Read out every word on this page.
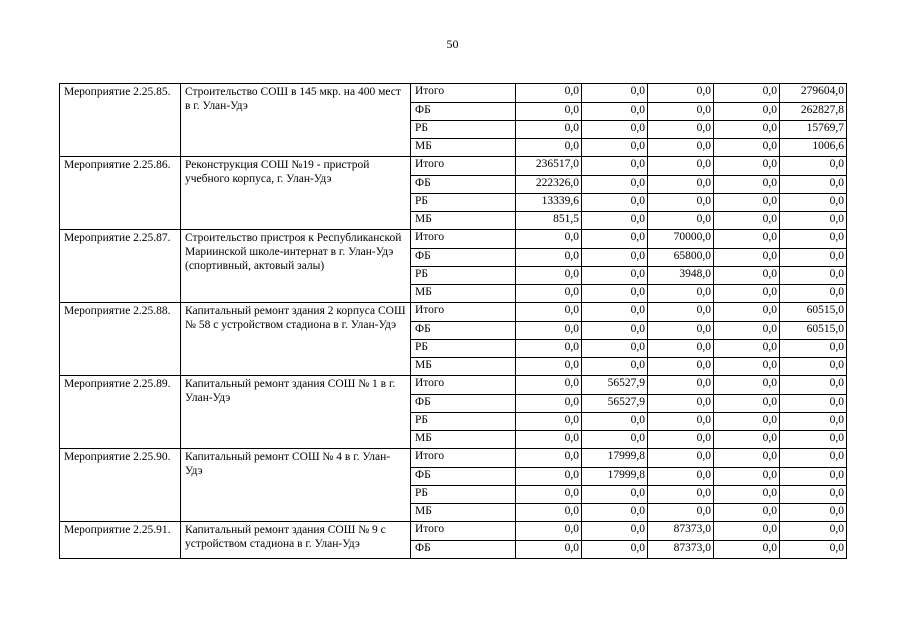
50
Мероприятие 2.25.85.	Строительство СОШ в 145 мкр. на 400 мест в г. Улан-Удэ	Итого	0,0	0,0	0,0	0,0	279604,0
		ФБ	0,0	0,0	0,0	0,0	262827,8
		РБ	0,0	0,0	0,0	0,0	15769,7
		МБ	0,0	0,0	0,0	0,0	1006,6
Мероприятие 2.25.86.	Реконструкция СОШ №19 - пристрой учебного корпуса, г. Улан-Удэ	Итого	236517,0	0,0	0,0	0,0	0,0
		ФБ	222326,0	0,0	0,0	0,0	0,0
		РБ	13339,6	0,0	0,0	0,0	0,0
		МБ	851,5	0,0	0,0	0,0	0,0
Мероприятие 2.25.87.	Строительство пристроя к Республиканской Мариинской школе-интернат в г. Улан-Удэ (спортивный, актовый залы)	Итого	0,0	0,0	70000,0	0,0	0,0
		ФБ	0,0	0,0	65800,0	0,0	0,0
		РБ	0,0	0,0	3948,0	0,0	0,0
		МБ	0,0	0,0	0,0	0,0	0,0
Мероприятие 2.25.88.	Капитальный ремонт здания 2 корпуса СОШ № 58 с устройством стадиона в г. Улан-Удэ	Итого	0,0	0,0	0,0	0,0	60515,0
		ФБ	0,0	0,0	0,0	0,0	60515,0
		РБ	0,0	0,0	0,0	0,0	0,0
		МБ	0,0	0,0	0,0	0,0	0,0
Мероприятие 2.25.89.	Капитальный ремонт здания СОШ № 1 в г. Улан-Удэ	Итого	0,0	56527,9	0,0	0,0	0,0
		ФБ	0,0	56527,9	0,0	0,0	0,0
		РБ	0,0	0,0	0,0	0,0	0,0
		МБ	0,0	0,0	0,0	0,0	0,0
Мероприятие 2.25.90.	Капитальный ремонт СОШ № 4 в г. Улан-Удэ	Итого	0,0	17999,8	0,0	0,0	0,0
		ФБ	0,0	17999,8	0,0	0,0	0,0
		РБ	0,0	0,0	0,0	0,0	0,0
		МБ	0,0	0,0	0,0	0,0	0,0
Мероприятие 2.25.91.	Капитальный ремонт здания СОШ № 9 с устройством стадиона в г. Улан-Удэ	Итого	0,0	0,0	87373,0	0,0	0,0
		ФБ	0,0	0,0	87373,0	0,0	0,0
